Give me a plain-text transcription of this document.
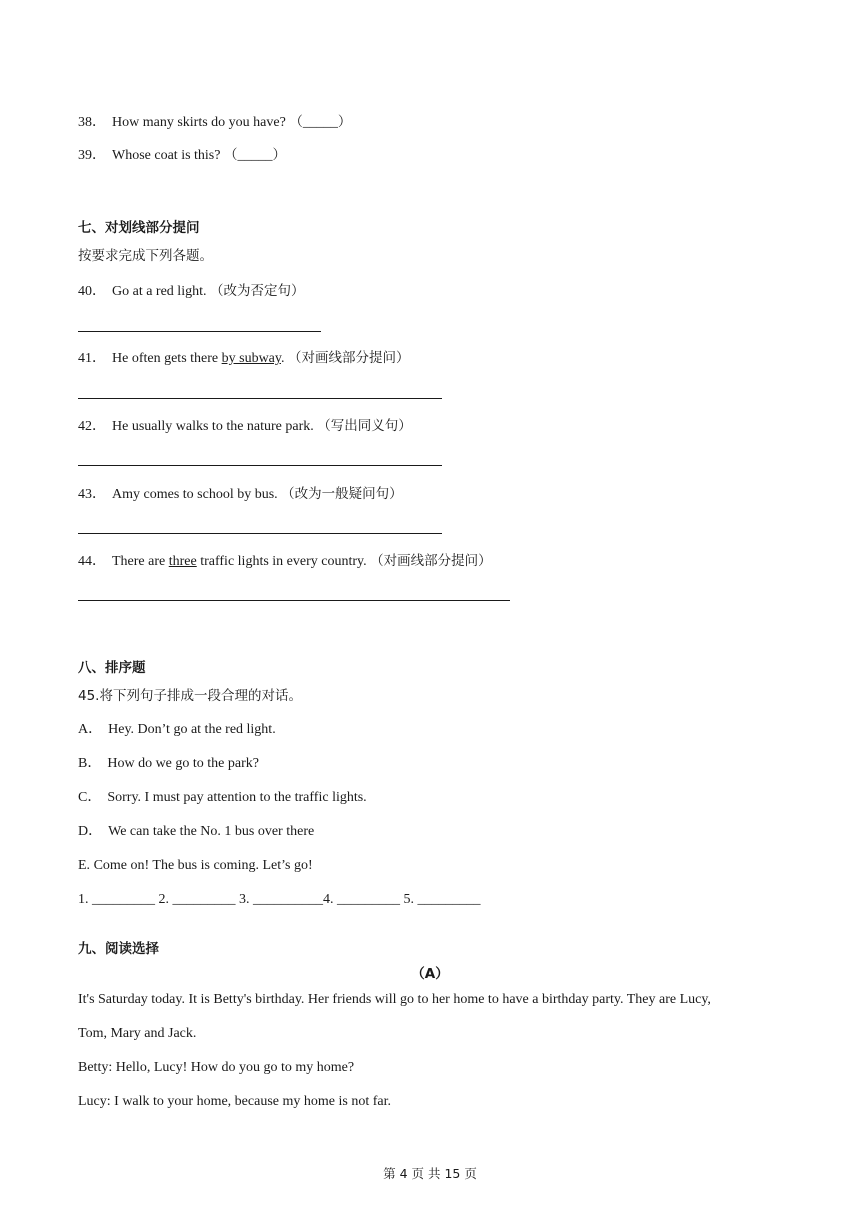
38． How many skirts do you have? （_____）
39． Whose coat is this? （_____）
七、对划线部分提问
按要求完成下列各题。
40． Go at a red light. （改为否定句）
41． He often gets there by subway. （对画线部分提问）
42． He usually walks to the nature park. （写出同义句）
43． Amy comes to school by bus. （改为一般疑问句）
44． There are three traffic lights in every country. （对画线部分提问）
八、排序题
45.将下列句子排成一段合理的对话。
A． Hey. Don’t go at the red light.
B． How do we go to the park?
C． Sorry. I must pay attention to the traffic lights.
D． We can take the No. 1 bus over there
E. Come on! The bus is coming. Let’s go!
1. _________ 2. _________ 3. __________4. _________ 5. _________
九、阅读选择
（A）
It's Saturday today. It is Betty's birthday. Her friends will go to her home to have a birthday party. They are Lucy,
Tom, Mary and Jack.
Betty: Hello, Lucy! How do you go to my home?
Lucy: I walk to your home, because my home is not far.
第 4 页 共 15 页
